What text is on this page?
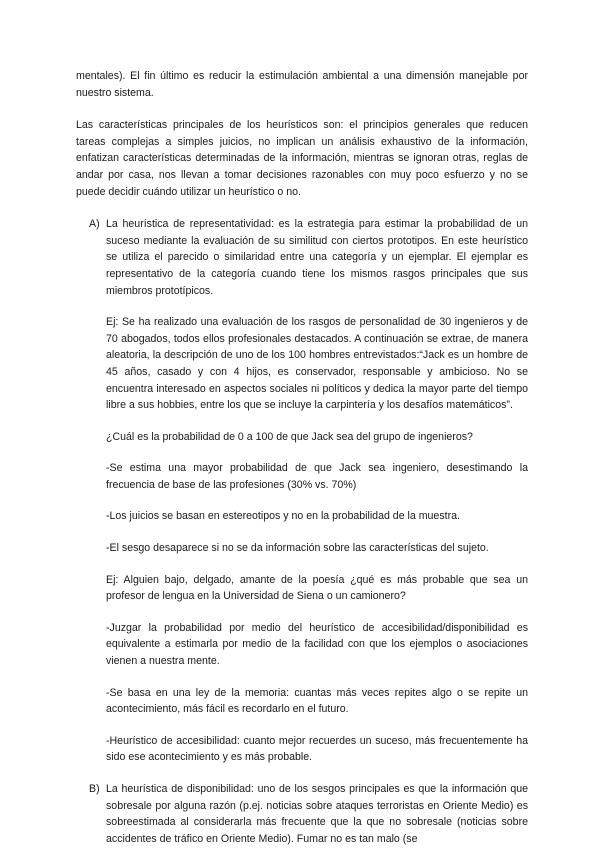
mentales). El fin último es reducir la estimulación ambiental a una dimensión manejable por nuestro sistema.

Las características principales de los heurísticos son: el principios generales que reducen tareas complejas a simples juicios, no implican un análisis exhaustivo de la información, enfatizan características determinadas de la información, mientras se ignoran otras, reglas de andar por casa, nos llevan a tomar decisiones razonables con muy poco esfuerzo y no se puede decidir cuándo utilizar un heurístico o no.

A) La heurística de representatividad: es la estrategia para estimar la probabilidad de un suceso mediante la evaluación de su similitud con ciertos prototipos. En este heurístico se utiliza el parecido o similaridad entre una categoría y un ejemplar. El ejemplar es representativo de la categoría cuando tiene los mismos rasgos principales que sus miembros prototípicos.

Ej: Se ha realizado una evaluación de los rasgos de personalidad de 30 ingenieros y de 70 abogados, todos ellos profesionales destacados. A continuación se extrae, de manera aleatoria, la descripción de uno de los 100 hombres entrevistados:“Jack es un hombre de 45 años, casado y con 4 hijos, es conservador, responsable y ambicioso. No se encuentra interesado en aspectos sociales ni políticos y dedica la mayor parte del tiempo libre a sus hobbies, entre los que se incluye la carpintería y los desafíos matemáticos”.

¿Cuál es la probabilidad de 0 a 100 de que Jack sea del grupo de ingenieros?

-Se estima una mayor probabilidad de que Jack sea ingeniero, desestimando la frecuencia de base de las profesiones (30% vs. 70%)

-Los juicios se basan en estereotipos y no en la probabilidad de la muestra.

-El sesgo desaparece si no se da información sobre las características del sujeto.

Ej: Alguien bajo, delgado, amante de la poesía ¿qué es más probable que sea un profesor de lengua en la Universidad de Siena o un camionero?

-Juzgar la probabilidad por medio del heurístico de accesibilidad/disponibilidad es equivalente a estimarla por medio de la facilidad con que los ejemplos o asociaciones vienen a nuestra mente.

-Se basa en una ley de la memoria: cuantas más veces repites algo o se repite un acontecimiento, más fácil es recordarlo en el futuro.

-Heurístico de accesibilidad: cuanto mejor recuerdes un suceso, más frecuentemente ha sido ese acontecimiento y es más probable.

B) La heurística de disponibilidad: uno de los sesgos principales es que la información que sobresale por alguna razón (p.ej. noticias sobre ataques terroristas en Oriente Medio) es sobreestimada al considerarla más frecuente que la que no sobresale (noticias sobre accidentes de tráfico en Oriente Medio). Fumar no es tan malo (se
